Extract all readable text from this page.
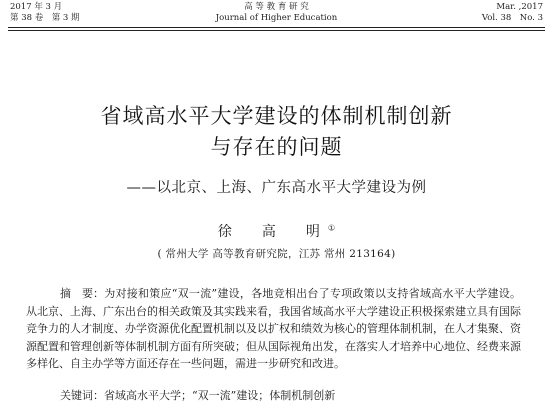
2017 年 3 月
第 38 卷　第 3 期
高 等 教 育 研 究
Journal of Higher Education
Mar. ,2017
Vol. 38　No. 3
省域高水平大学建设的体制机制创新
与存在的问题
——以北京、上海、广东高水平大学建设为例
徐　高　明①
( 常州大学 高等教育研究院，江苏 常州 213164)
摘　要：为对接和策应“双一流”建设，各地竞相出台了专项政策以支持省域高水平大学建设。从北京、上海、广东出台的相关政策及其实践来看，我国省域高水平大学建设正积极探索建立具有国际竞争力的人才制度、办学资源优化配置机制以及以扩权和绩效为核心的管理体制机制，在人才集聚、资源配置和管理创新等体制机制方面有所突破；但从国际视角出发，在落实人才培养中心地位、经费来源多样化、自主办学等方面还存在一些问题，需进一步研究和改进。
关键词：省域高水平大学；“双一流”建设；体制机制创新
